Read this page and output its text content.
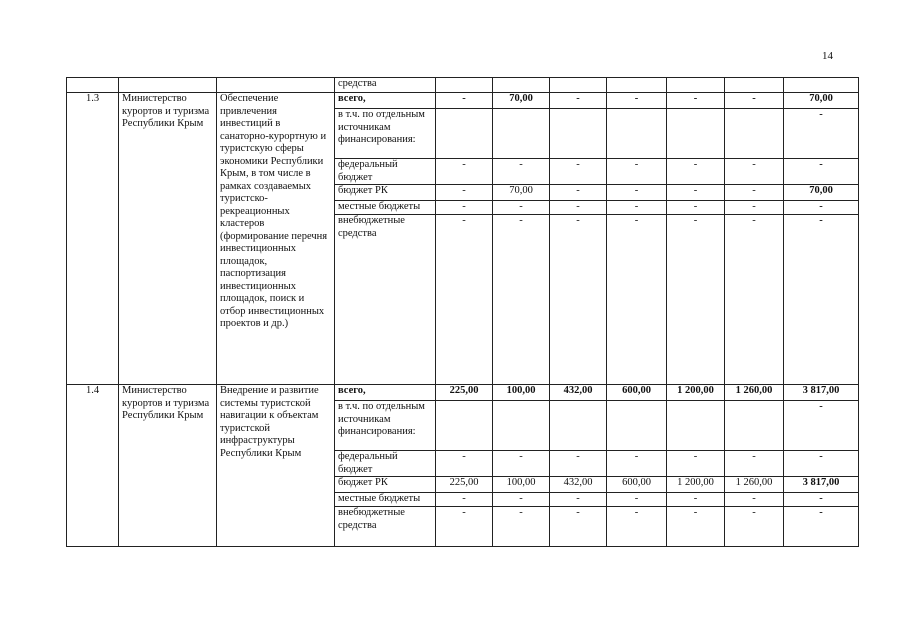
14
			средства							
1.3	Министерство курортов и туризма Республики Крым	Обеспечение привлечения инвестиций в санаторно-курортную и туристскую сферы экономики Республики Крым, в том числе в рамках создаваемых туристско-рекреационных кластеров (формирование перечня инвестиционных площадок, паспортизация инвестиционных площадок, поиск и отбор инвестиционных проектов и др.)	всего,	-	70,00	-	-	-	-	70,00
			в т.ч. по отдельным источникам финансирования:							-
			федеральный бюджет	-	-	-	-	-	-	-
			бюджет РК	-	70,00	-	-	-	-	70,00
			местные бюджеты	-	-	-	-	-	-	-
			внебюджетные средства	-	-	-	-	-	-	-
1.4	Министерство курортов и туризма Республики Крым	Внедрение и развитие системы туристской навигации к объектам туристской инфраструктуры Республики Крым	всего,	225,00	100,00	432,00	600,00	1 200,00	1 260,00	3 817,00
			в т.ч. по отдельным источникам финансирования:							-
			федеральный бюджет	-	-	-	-	-	-	-
			бюджет РК	225,00	100,00	432,00	600,00	1 200,00	1 260,00	3 817,00
			местные бюджеты	-	-	-	-	-	-	-
			внебюджетные средства	-	-	-	-	-	-	-
